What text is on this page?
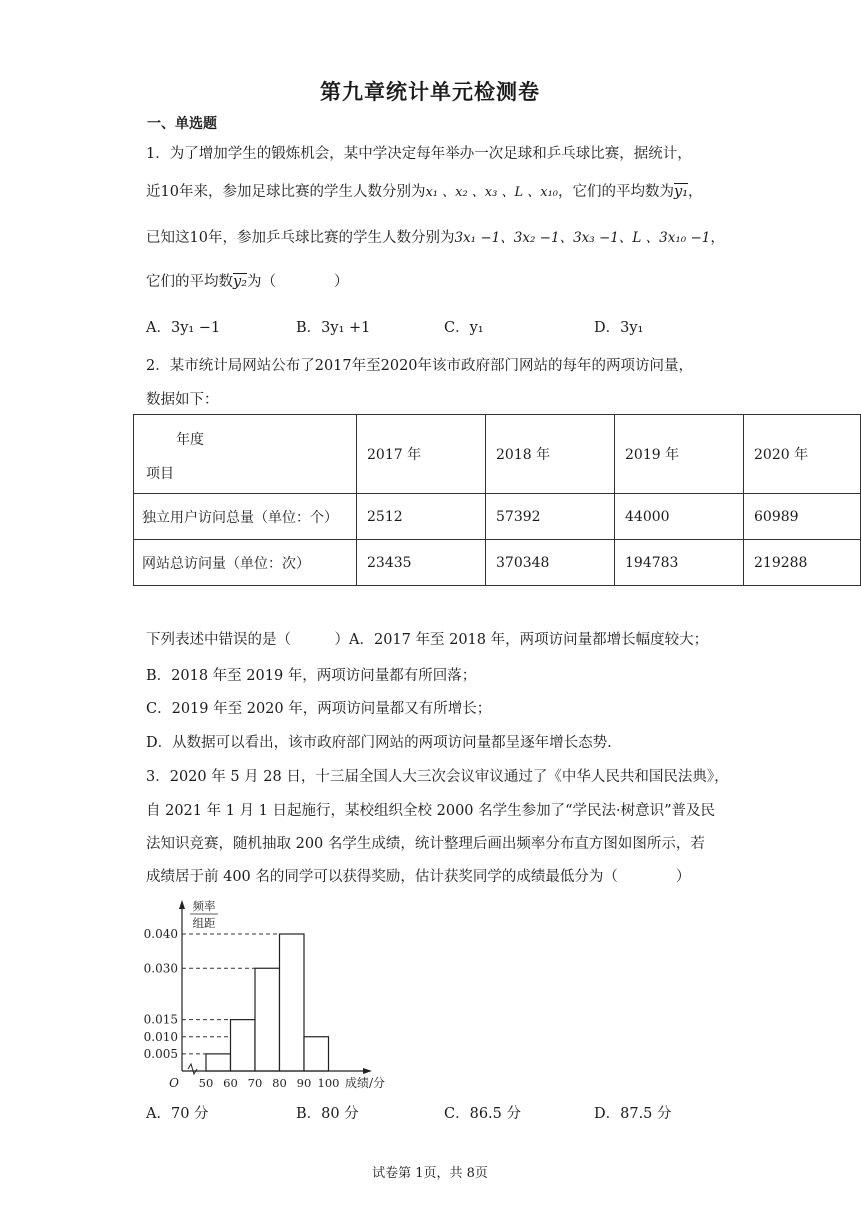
第九章统计单元检测卷
一、单选题
1．为了增加学生的锻炼机会，某中学决定每年举办一次足球和乒乓球比赛，据统计，
近10年来，参加足球比赛的学生人数分别为x₁ 、x₂ 、x₃ 、L 、x₁₀，它们的平均数为y₁，
已知这10年，参加乒乓球比赛的学生人数分别为3x₁ −1、3x₂ −1、3x₃ −1、L 、3x₁₀ −1，
它们的平均数y₂为（　　　　）
A．3y₁ −1	B．3y₁ +1	C．y₁	D．3y₁
2．某市统计局网站公布了2017年至2020年该市政府部门网站的每年的两项访问量，
数据如下：
年度
项目	2017 年	2018 年	2019 年	2020 年
独立用户访问总量（单位：个）	2512	57392	44000	60989
网站总访问量（单位：次）	23435	370348	194783	219288
下列表述中错误的是（　　　）A．2017 年至 2018 年，两项访问量都增长幅度较大；
B．2018 年至 2019 年，两项访问量都有所回落；
C．2019 年至 2020 年，两项访问量都又有所增长；
D．从数据可以看出，该市政府部门网站的两项访问量都呈逐年增长态势.
3．2020 年 5 月 28 日，十三届全国人大三次会议审议通过了《中华人民共和国民法典》，
自 2021 年 1 月 1 日起施行，某校组织全校 2000 名学生参加了“学民法·树意识”普及民
法知识竞赛，随机抽取 200 名学生成绩，统计整理后画出频率分布直方图如图所示，若
成绩居于前 400 名的同学可以获得奖励，估计获奖同学的成绩最低分为（　　　　）
0.040
0.030
0.015
0.010
0.005
50 60 70 80 90 100 成绩/分
O
频率
组距
A．70 分	B．80 分	C．86.5 分	D．87.5 分
试卷第 1页，共 8页
